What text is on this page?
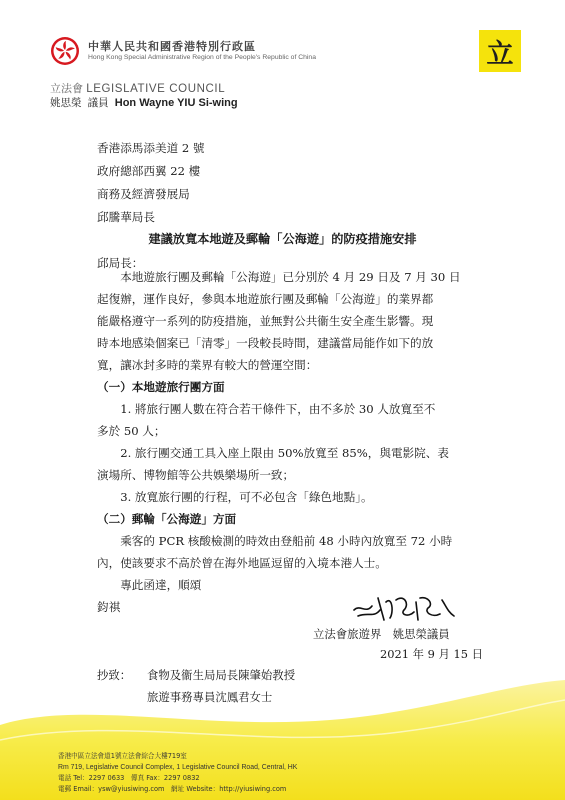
中華人民共和國香港特別行政區
Hong Kong Special Administrative Region of the People's Republic of China
立法會 LEGISLATIVE COUNCIL
姚思榮 議員 Hon Wayne YIU Si-wing
立
香港添馬添美道 2 號
政府總部西翼 22 樓
商務及經濟發展局
邱騰華局長
建議放寬本地遊及郵輪「公海遊」的防疫措施安排
邱局長：
　　本地遊旅行團及郵輪「公海遊」已分別於 4 月 29 日及 7 月 30 日
起復辦，運作良好，參與本地遊旅行團及郵輪「公海遊」的業界都
能嚴格遵守一系列的防疫措施，並無對公共衞生安全產生影響。現
時本地感染個案已「清零」一段較長時間，建議當局能作如下的放
寬，讓冰封多時的業界有較大的營運空間：
（一）本地遊旅行團方面
　　1. 將旅行團人數在符合若干條件下，由不多於 30 人放寬至不
多於 50 人；
　　2. 旅行團交通工具入座上限由 50%放寬至 85%，與電影院、表
演場所、博物館等公共娛樂場所一致；
　　3. 放寬旅行團的行程，可不必包含「綠色地點」。
（二）郵輪「公海遊」方面
　　乘客的 PCR 核酸檢測的時效由登船前 48 小時內放寬至 72 小時
內，使該要求不高於曾在海外地區逗留的入境本港人士。
　　專此函達，順頌
鈞祺
立法會旅遊界　姚思榮議員
2021 年 9 月 15 日
抄致： 食物及衞生局局長陳肇始教授
旅遊事務專員沈鳳君女士
香港中區立法會道1號立法會綜合大樓719室
Rm 719, Legislative Council Complex, 1 Legislative Council Road, Central, HK
電話 Tel：2297 0633　傳真 Fax：2297 0832
電郵 Email：ysw@yiusiwing.com　網址 Website：http://yiusiwing.com
